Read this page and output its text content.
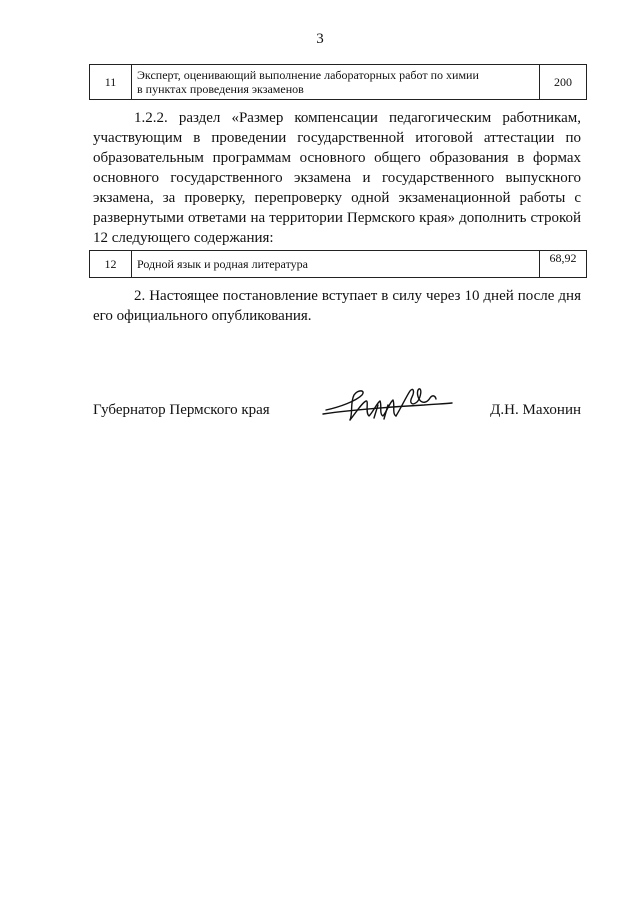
3
11	Эксперт, оценивающий выполнение лабораторных работ по химии
в пунктах проведения экзаменов	200

1.2.2. раздел «Размер компенсации педагогическим работникам, участвующим в проведении государственной итоговой аттестации по образовательным программам основного общего образования в формах основного государственного экзамена и государственного выпускного экзамена, за проверку, перепроверку одной экзаменационной работы с развернутыми ответами на территории Пермского края» дополнить строкой 12 следующего содержания:

12	Родной язык и родная литература	68,92

2. Настоящее постановление вступает в силу через 10 дней после дня его официального опубликования.

Губернатор Пермского края	Д.Н. Махонин
